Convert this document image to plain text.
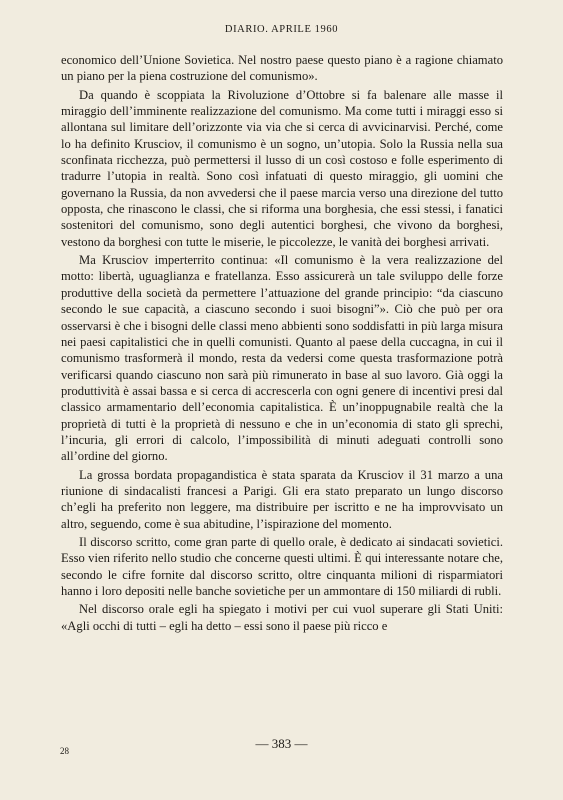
DIARIO. APRILE 1960

economico dell’Unione Sovietica. Nel nostro paese questo piano è a ragione chiamato un piano per la piena costruzione del comunismo».

Da quando è scoppiata la Rivoluzione d’Ottobre si fa balenare alle masse il miraggio dell’imminente realizzazione del comunismo. Ma come tutti i miraggi esso si allontana sul limitare dell’orizzonte via via che si cerca di avvicinarvisi. Perché, come lo ha definito Krusciov, il comunismo è un sogno, un’utopia. Solo la Russia nella sua sconfinata ricchezza, può permettersi il lusso di un così costoso e folle esperimento di tradurre l’utopia in realtà. Sono così infatuati di questo miraggio, gli uomini che governano la Russia, da non avvedersi che il paese marcia verso una direzione del tutto opposta, che rinascono le classi, che si riforma una borghesia, che essi stessi, i fanatici sostenitori del comunismo, sono degli autentici borghesi, che vivono da borghesi, vestono da borghesi con tutte le miserie, le piccolezze, le vanità dei borghesi arrivati.

Ma Krusciov imperterrito continua: «Il comunismo è la vera realizzazione del motto: libertà, uguaglianza e fratellanza. Esso assicurerà un tale sviluppo delle forze produttive della società da permettere l’attuazione del grande principio: “da ciascuno secondo le sue capacità, a ciascuno secondo i suoi bisogni”». Ciò che può per ora osservarsi è che i bisogni delle classi meno abbienti sono soddisfatti in più larga misura nei paesi capitalistici che in quelli comunisti. Quanto al paese della cuccagna, in cui il comunismo trasformerà il mondo, resta da vedersi come questa trasformazione potrà verificarsi quando ciascuno non sarà più rimunerato in base al suo lavoro. Già oggi la produttività è assai bassa e si cerca di accrescerla con ogni genere di incentivi presi dal classico armamentario dell’economia capitalistica. È un’inoppugnabile realtà che la proprietà di tutti è la proprietà di nessuno e che in un’economia di stato gli sprechi, l’incuria, gli errori di calcolo, l’impossibilità di minuti adeguati controlli sono all’ordine del giorno.

La grossa bordata propagandistica è stata sparata da Krusciov il 31 marzo a una riunione di sindacalisti francesi a Parigi. Gli era stato preparato un lungo discorso ch’egli ha preferito non leggere, ma distribuire per iscritto e ne ha improvvisato un altro, seguendo, come è sua abitudine, l’ispirazione del momento.

Il discorso scritto, come gran parte di quello orale, è dedicato ai sindacati sovietici. Esso vien riferito nello studio che concerne questi ultimi. È qui interessante notare che, secondo le cifre fornite dal discorso scritto, oltre cinquanta milioni di risparmiatori hanno i loro depositi nelle banche sovietiche per un ammontare di 150 miliardi di rubli.

Nel discorso orale egli ha spiegato i motivi per cui vuol superare gli Stati Uniti: «Agli occhi di tutti – egli ha detto – essi sono il paese più ricco e

— 383 —
28
